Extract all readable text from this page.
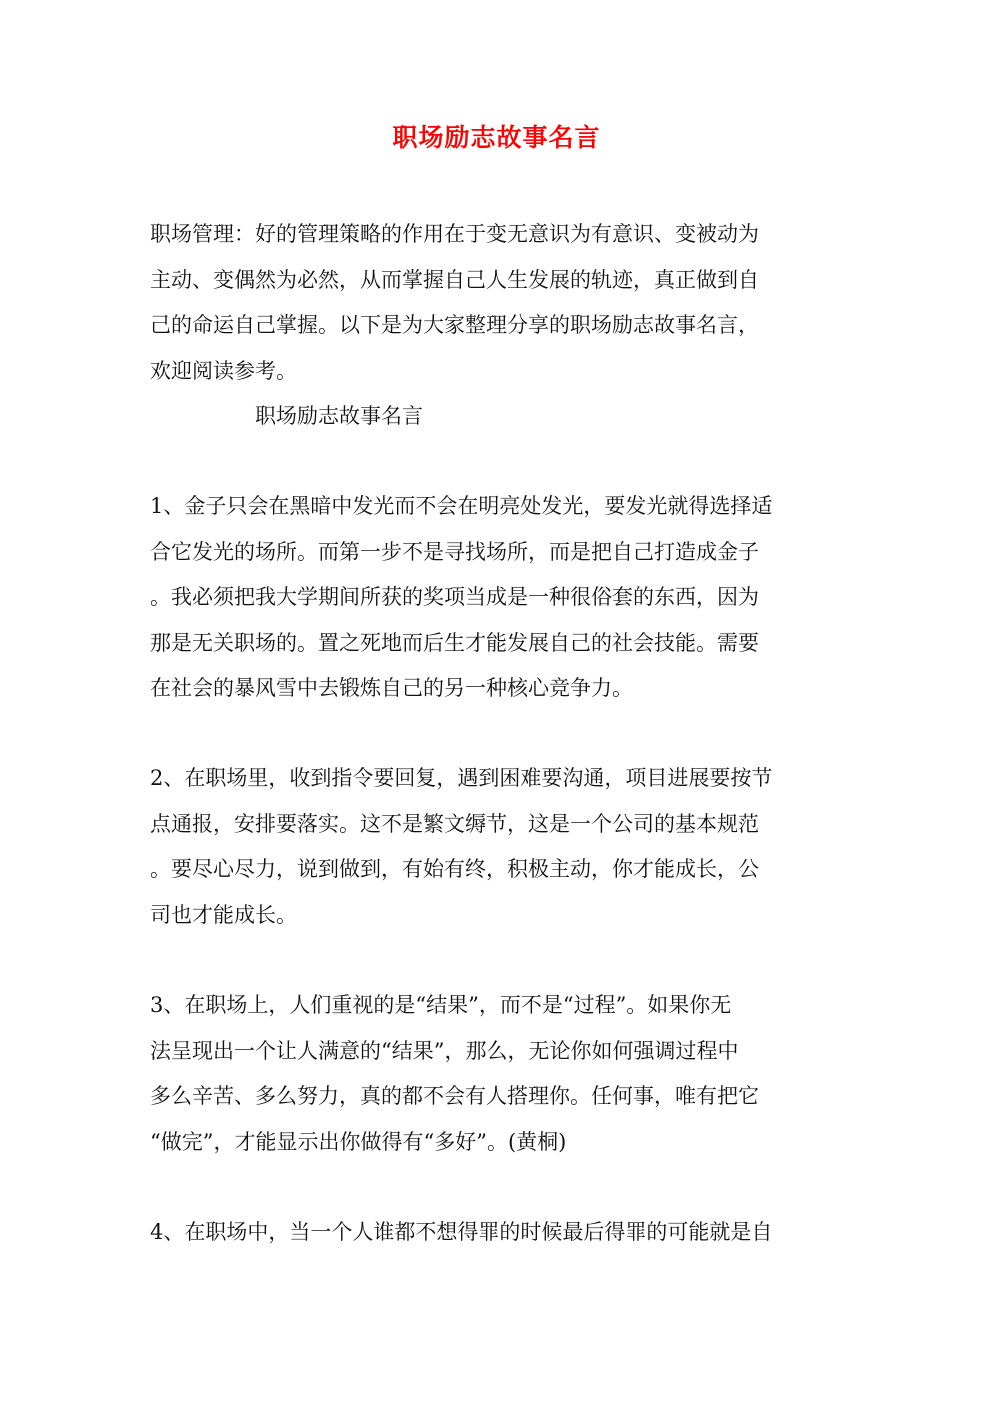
职场励志故事名言
职场管理：好的管理策略的作用在于变无意识为有意识、变被动为
主动、变偶然为必然，从而掌握自己人生发展的轨迹，真正做到自
己的命运自己掌握。以下是为大家整理分享的职场励志故事名言，
欢迎阅读参考。
职场励志故事名言
1、金子只会在黑暗中发光而不会在明亮处发光，要发光就得选择适
合它发光的场所。而第一步不是寻找场所，而是把自己打造成金子
。我必须把我大学期间所获的奖项当成是一种很俗套的东西，因为
那是无关职场的。置之死地而后生才能发展自己的社会技能。需要
在社会的暴风雪中去锻炼自己的另一种核心竞争力。
2、在职场里，收到指令要回复，遇到困难要沟通，项目进展要按节
点通报，安排要落实。这不是繁文缛节，这是一个公司的基本规范
。要尽心尽力，说到做到，有始有终，积极主动，你才能成长，公
司也才能成长。
3、在职场上，人们重视的是“结果”，而不是“过程”。如果你无
法呈现出一个让人满意的“结果”，那么，无论你如何强调过程中
多么辛苦、多么努力，真的都不会有人搭理你。任何事，唯有把它
“做完”，才能显示出你做得有“多好”。(黄桐)
4、在职场中，当一个人谁都不想得罪的时候最后得罪的可能就是自
